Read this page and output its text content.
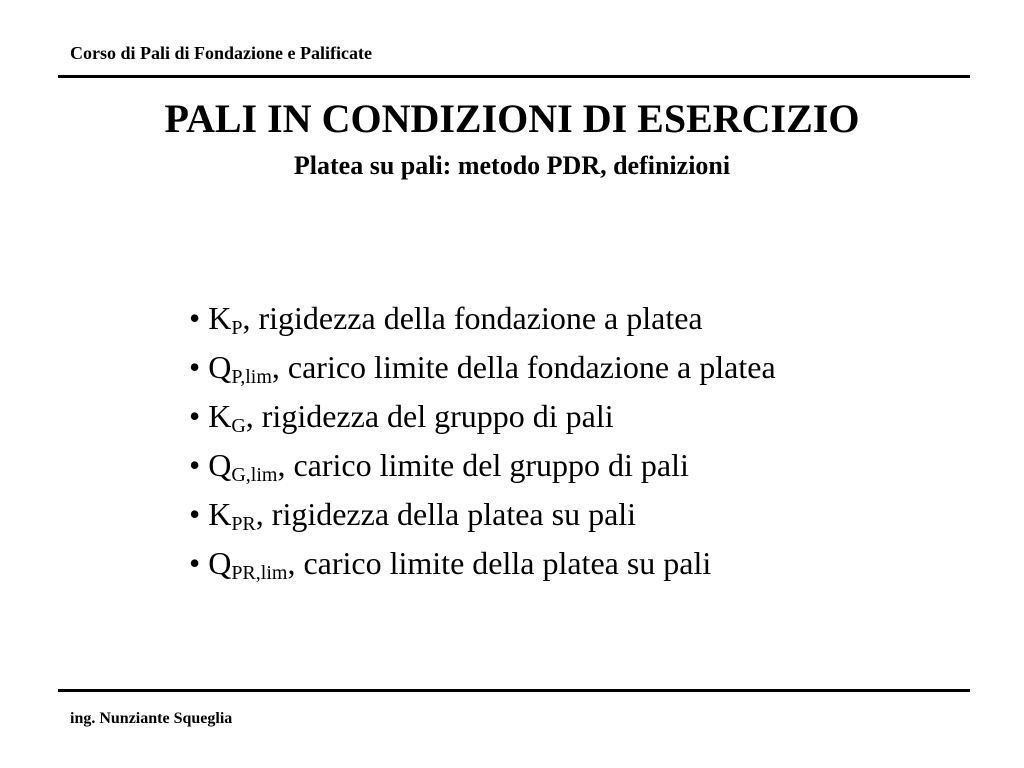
Corso di Pali di Fondazione e Palificate
PALI IN CONDIZIONI DI ESERCIZIO
Platea su pali: metodo PDR, definizioni
• $K_P$, rigidezza della fondazione a platea
• $Q_{P,lim}$, carico limite della fondazione a platea
• $K_G$, rigidezza del gruppo di pali
• $Q_{G,lim}$, carico limite del gruppo di pali
• $K_{PR}$, rigidezza della platea su pali
• $Q_{PR,lim}$, carico limite della platea su pali
ing. Nunziante Squeglia
